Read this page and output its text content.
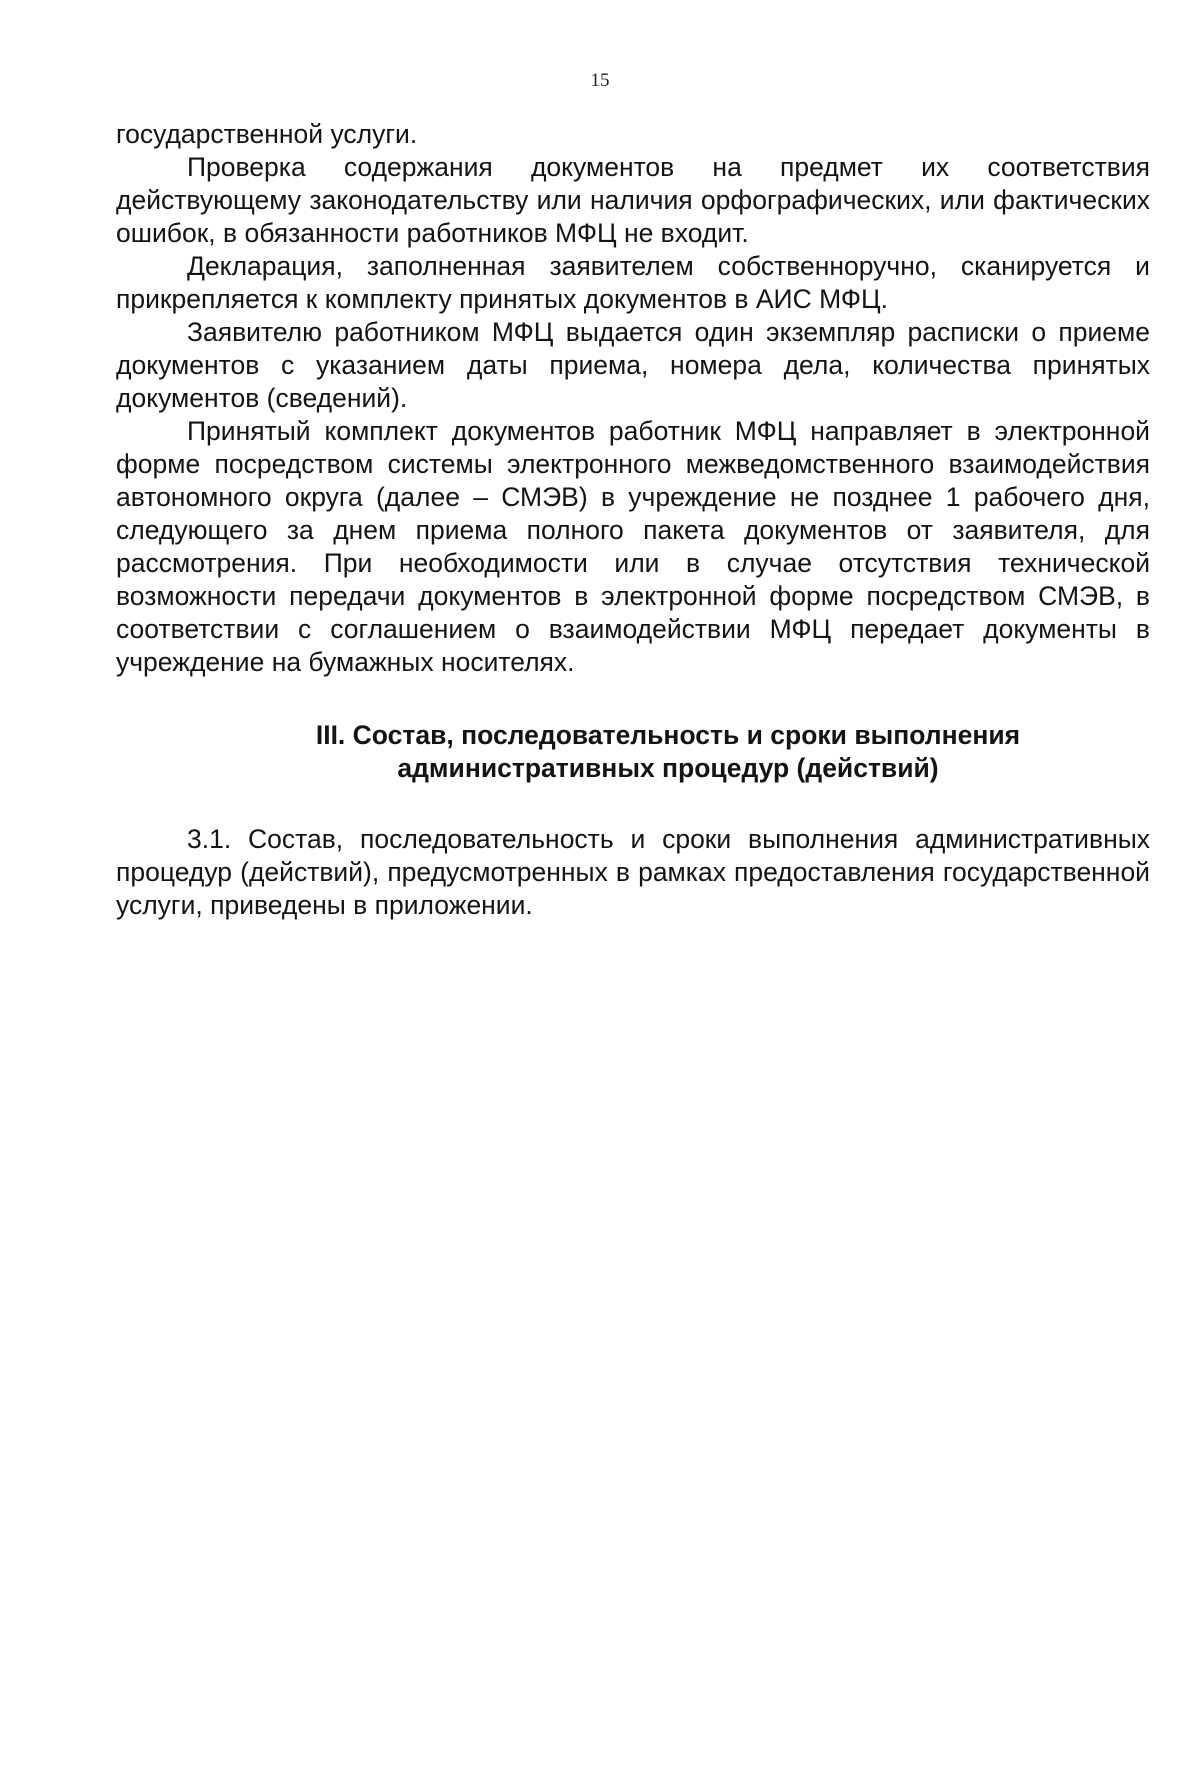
15

государственной услуги.

Проверка содержания документов на предмет их соответствия действующему законодательству или наличия орфографических, или фактических ошибок, в обязанности работников МФЦ не входит.

Декларация, заполненная заявителем собственноручно, сканируется и прикрепляется к комплекту принятых документов в АИС МФЦ.

Заявителю работником МФЦ выдается один экземпляр расписки о приеме документов с указанием даты приема, номера дела, количества принятых документов (сведений).

Принятый комплект документов работник МФЦ направляет в электронной форме посредством системы электронного межведомственного взаимодействия автономного округа (далее – СМЭВ) в учреждение не позднее 1 рабочего дня, следующего за днем приема полного пакета документов от заявителя, для рассмотрения. При необходимости или в случае отсутствия технической возможности передачи документов в электронной форме посредством СМЭВ, в соответствии с соглашением о взаимодействии МФЦ передает документы в учреждение на бумажных носителях.

III. Состав, последовательность и сроки выполнения
административных процедур (действий)

3.1. Состав, последовательность и сроки выполнения административных процедур (действий), предусмотренных в рамках предоставления государственной услуги, приведены в приложении.
